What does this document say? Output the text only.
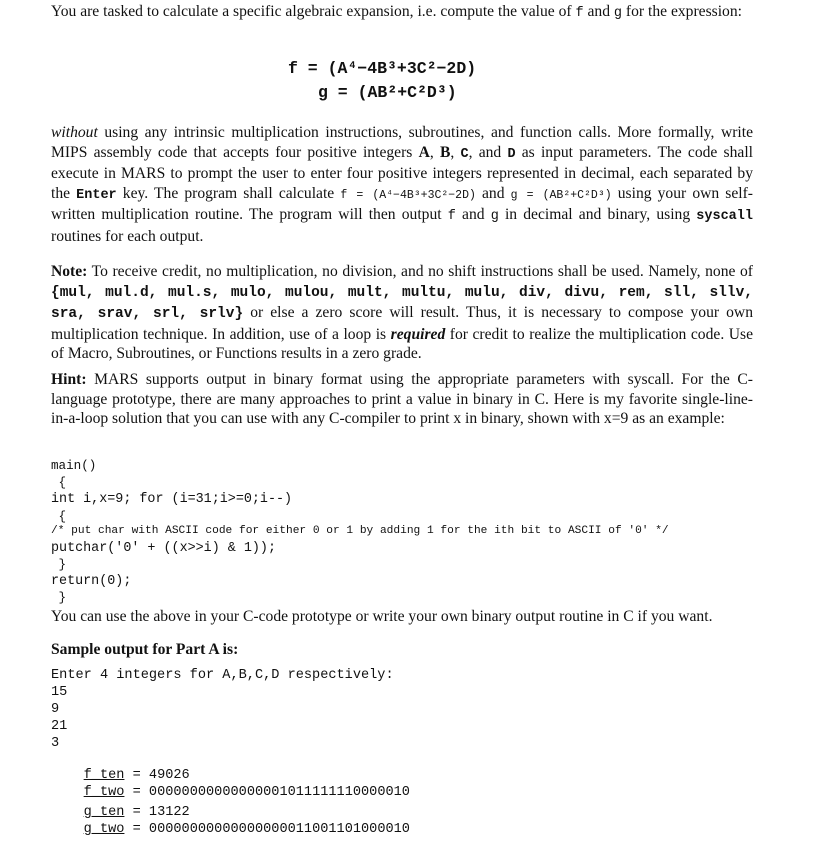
You are tasked to calculate a specific algebraic expansion, i.e. compute the value of f and g for the expression:
f = (A⁴−4B³+3C²−2D)
g = (AB²+C²D³)
without using any intrinsic multiplication instructions, subroutines, and function calls. More formally, write MIPS assembly code that accepts four positive integers A, B, C, and D as input parameters. The code shall execute in MARS to prompt the user to enter four positive integers represented in decimal, each separated by the Enter key. The program shall calculate f = (A⁴−4B³+3C²−2D) and g = (AB²+C²D³) using your own self-written multiplication routine. The program will then output f and g in decimal and binary, using syscall routines for each output.
Note: To receive credit, no multiplication, no division, and no shift instructions shall be used. Namely, none of {mul, mul.d, mul.s, mulo, mulou, mult, multu, mulu, div, divu, rem, sll, sllv, sra, srav, srl, srlv} or else a zero score will result. Thus, it is necessary to compose your own multiplication technique. In addition, use of a loop is required for credit to realize the multiplication code. Use of Macro, Subroutines, or Functions results in a zero grade.
Hint: MARS supports output in binary format using the appropriate parameters with syscall. For the C-language prototype, there are many approaches to print a value in binary in C. Here is my favorite single-line-in-a-loop solution that you can use with any C-compiler to print x in binary, shown with x=9 as an example:
main()
{
int i,x=9; for (i=31;i>=0;i--)
{
/* put char with ASCII code for either 0 or 1 by adding 1 for the ith bit to ASCII of '0' */
putchar('0' + ((x>>i) & 1));
}
return(0);
}
You can use the above in your C-code prototype or write your own binary output routine in C if you want.
Sample output for Part A is:
Enter 4 integers for A,B,C,D respectively:
15
9
21
3

f_ten = 49026

f_two = 00000000000000001011111110000010

g_ten = 13122

g_two = 00000000000000000011001101000010
